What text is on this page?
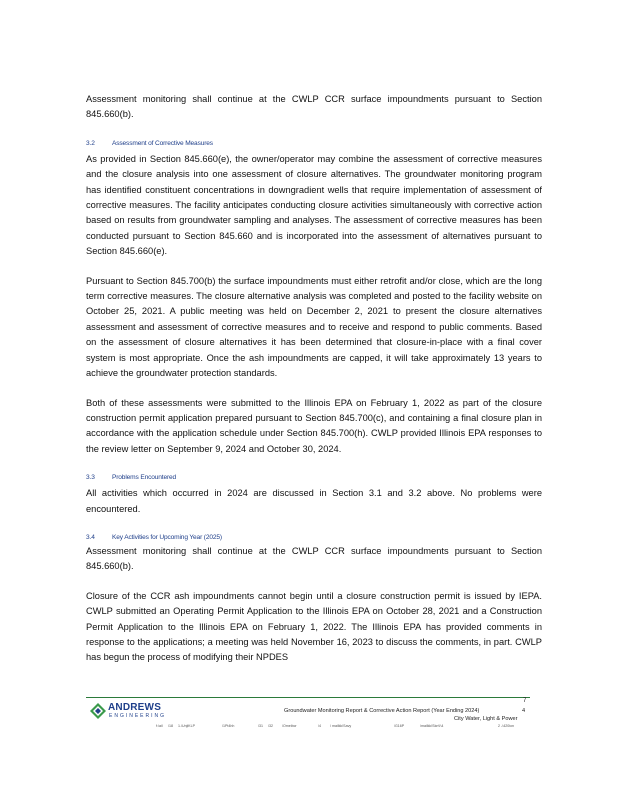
Assessment monitoring shall continue at the CWLP CCR surface impoundments pursuant to Section 845.660(b).

3.2	Assessment of Corrective Measures

As provided in Section 845.660(e), the owner/operator may combine the assessment of corrective measures and the closure analysis into one assessment of closure alternatives. The groundwater monitoring program has identified constituent concentrations in downgradient wells that require implementation of assessment of corrective measures. The facility anticipates conducting closure activities simultaneously with corrective action based on results from groundwater sampling and analyses. The assessment of corrective measures has been conducted pursuant to Section 845.660 and is incorporated into the assessment of alternatives pursuant to Section 845.660(e).

Pursuant to Section 845.700(b) the surface impoundments must either retrofit and/or close, which are the long term corrective measures. The closure alternative analysis was completed and posted to the facility website on October 25, 2021. A public meeting was held on December 2, 2021 to present the closure alternatives assessment and assessment of corrective measures and to receive and respond to public comments. Based on the assessment of closure alternatives it has been determined that closure-in-place with a final cover system is most appropriate. Once the ash impoundments are capped, it will take approximately 13 years to achieve the groundwater protection standards.

Both of these assessments were submitted to the Illinois EPA on February 1, 2022 as part of the closure construction permit application prepared pursuant to Section 845.700(c), and containing a final closure plan in accordance with the application schedule under Section 845.700(h). CWLP provided Illinois EPA responses to the review letter on September 9, 2024 and October 30, 2024.

3.3	Problems Encountered

All activities which occurred in 2024 are discussed in Section 3.1 and 3.2 above. No problems were encountered.

3.4	Key Activities for Upcoming Year (2025)

Assessment monitoring shall continue at the CWLP CCR surface impoundments pursuant to Section 845.660(b).

Closure of the CCR ash impoundments cannot begin until a closure construction permit is issued by IEPA. CWLP submitted an Operating Permit Application to the Illinois EPA on October 28, 2021 and a Construction Permit Application to the Illinois EPA on February 1, 2022. The Illinois EPA has provided comments in response to the applications; a meeting was held November 16, 2023 to discuss the comments, in part. CWLP has begun the process of modifying their NPDES

ANDREWS
ENGINEERING
Groundwater Monitoring Report & Corrective Action Report (Year Ending 2024)
7
4
City Water, Light & Power
f:\ail \18 1.\UnjiKLP	\1Pt4hh	\31 \32	\Omeibcr	\4	\ mailkk\Savy	\G16P	\mailkk\Skn\!\4	2 -\420ion
